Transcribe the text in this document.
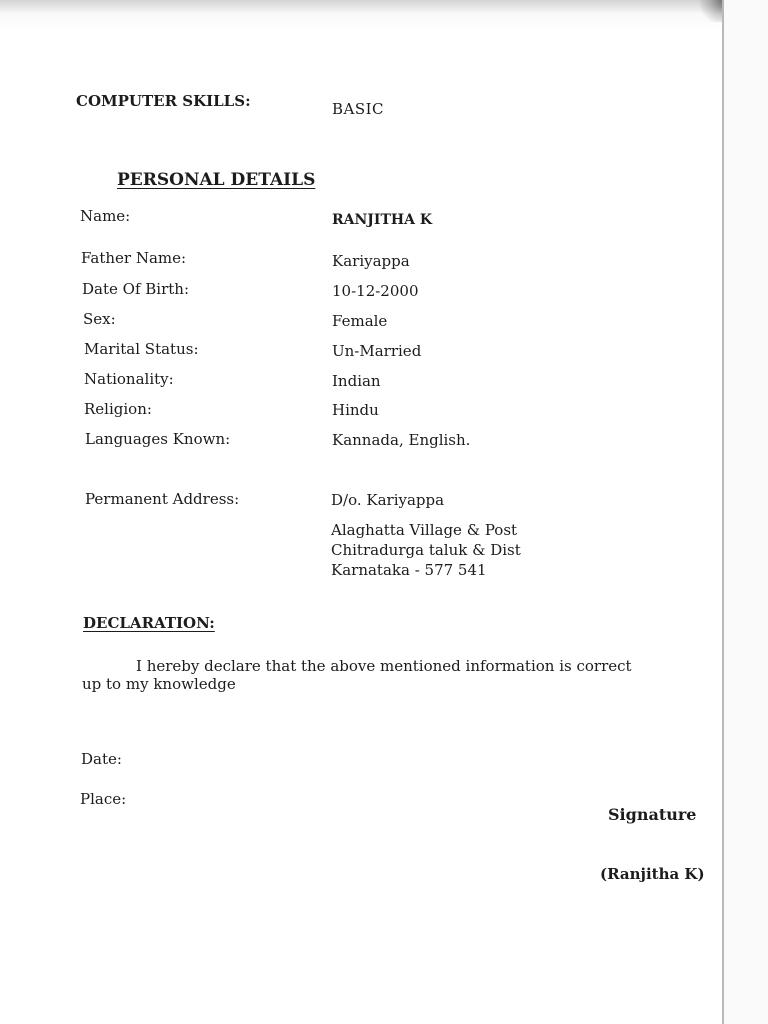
COMPUTER SKILLS:	BASIC
PERSONAL DETAILS
Name:	RANJITHA K
Father Name:	Kariyappa
Date Of Birth:	10-12-2000
Sex:	Female
Marital Status:	Un-Married
Nationality:	Indian
Religion:	Hindu
Languages Known:	Kannada, English.
Permanent Address:	D/o. Kariyappa
Alaghatta Village & Post
Chitradurga taluk & Dist
Karnataka - 577 541
DECLARATION:
I hereby declare that the above mentioned information is correct
up to my knowledge
Date:
Place:
Signature
(Ranjitha K)
